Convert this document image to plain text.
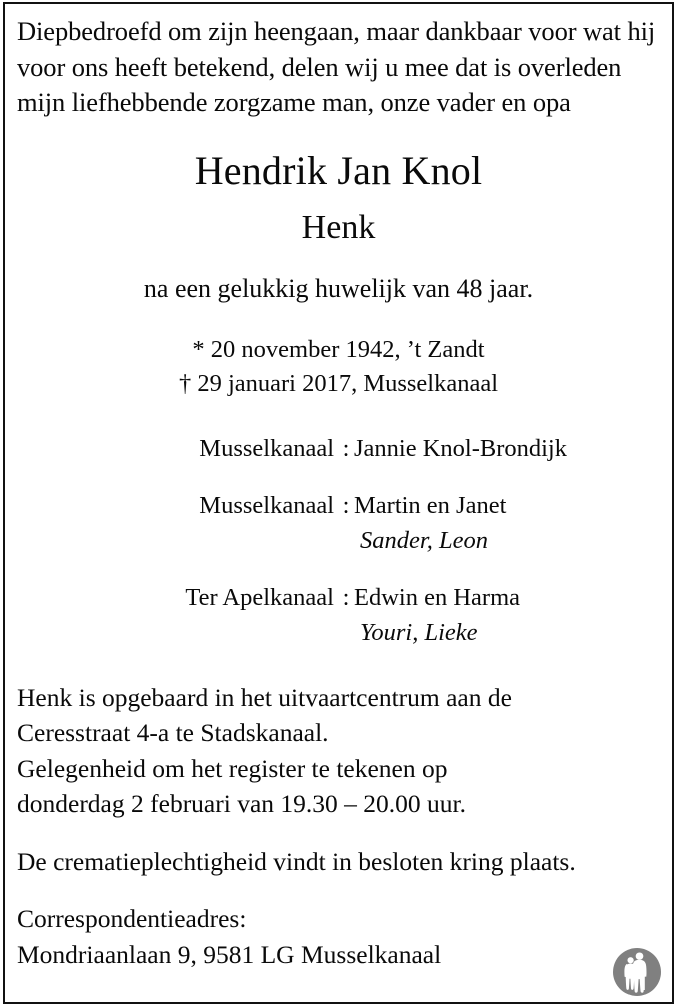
Diepbedroefd om zijn heengaan, maar dankbaar voor wat hij voor ons heeft betekend, delen wij u mee dat is overleden mijn liefhebbende zorgzame man, onze vader en opa

Hendrik Jan Knol
Henk
na een gelukkig huwelijk van 48 jaar.
* 20 november 1942, ’t Zandt
† 29 januari 2017, Musselkanaal
Musselkanaal : Jannie Knol-Brondijk
Musselkanaal : Martin en Janet
Sander, Leon
Ter Apelkanaal : Edwin en Harma
Youri, Lieke
Henk is opgebaard in het uitvaartcentrum aan de
Ceresstraat 4-a te Stadskanaal.
Gelegenheid om het register te tekenen op
donderdag 2 februari van 19.30 – 20.00 uur.

De crematieplechtigheid vindt in besloten kring plaats.

Correspondentieadres:
Mondriaanlaan 9, 9581 LG Musselkanaal
